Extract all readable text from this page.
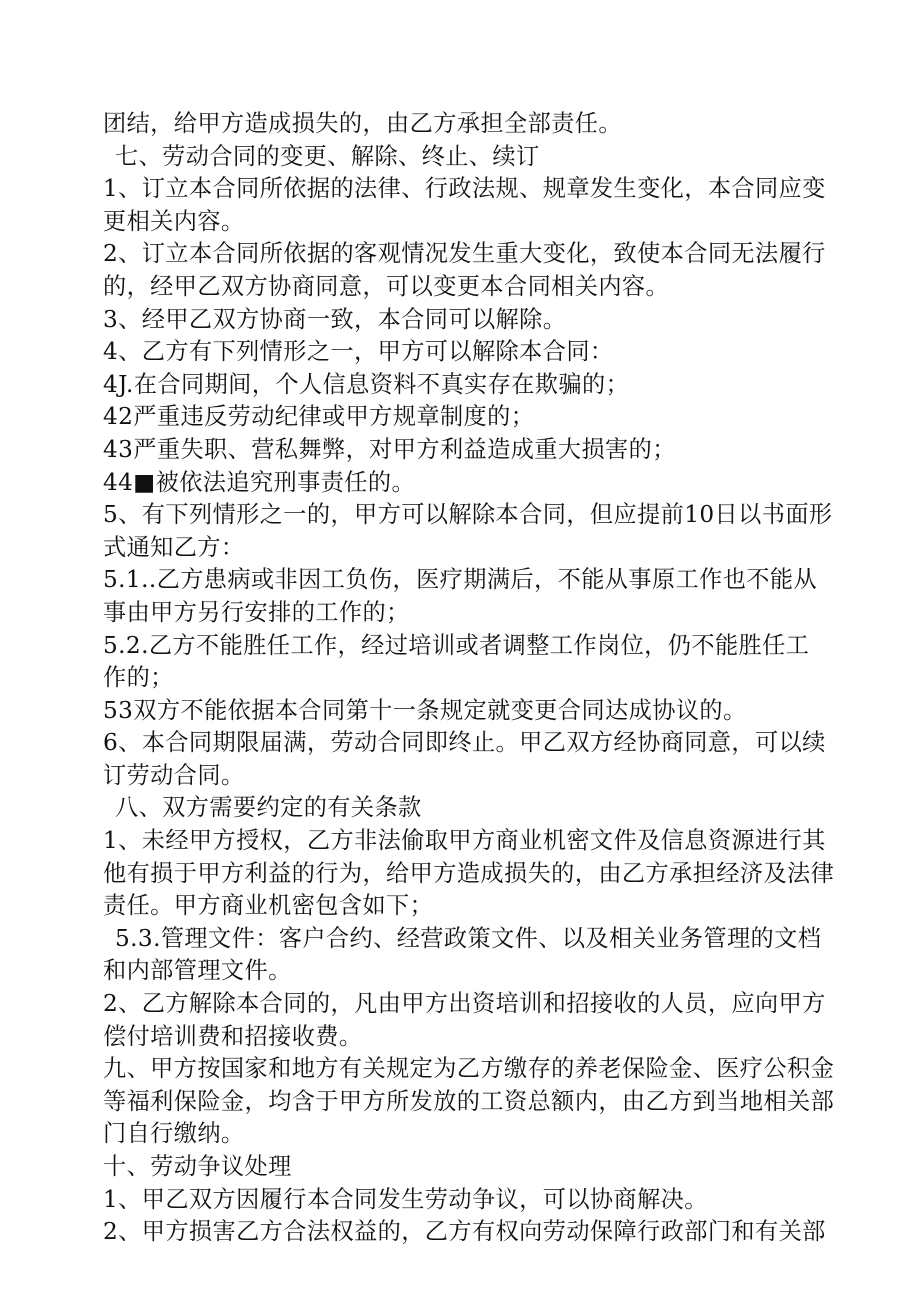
团结，给甲方造成损失的，由乙方承担全部责任。
七、劳动合同的变更、解除、终止、续订
1、订立本合同所依据的法律、行政法规、规章发生变化，本合同应变
更相关内容。
2、订立本合同所依据的客观情况发生重大变化，致使本合同无法履行
的，经甲乙双方协商同意，可以变更本合同相关内容。
3、经甲乙双方协商一致，本合同可以解除。
4、乙方有下列情形之一，甲方可以解除本合同：
4J.在合同期间，个人信息资料不真实存在欺骗的；
42严重违反劳动纪律或甲方规章制度的；
43严重失职、营私舞弊，对甲方利益造成重大损害的；
44■被依法追究刑事责任的。
5、有下列情形之一的，甲方可以解除本合同，但应提前10日以书面形
式通知乙方：
5.1..乙方患病或非因工负伤，医疗期满后，不能从事原工作也不能从
事由甲方另行安排的工作的；
5.2.乙方不能胜任工作，经过培训或者调整工作岗位，仍不能胜任工
作的；
53双方不能依据本合同第十一条规定就变更合同达成协议的。
6、本合同期限届满，劳动合同即终止。甲乙双方经协商同意，可以续
订劳动合同。
八、双方需要约定的有关条款
1、未经甲方授权，乙方非法偷取甲方商业机密文件及信息资源进行其
他有损于甲方利益的行为，给甲方造成损失的，由乙方承担经济及法律
责任。甲方商业机密包含如下；
5.3.管理文件：客户合约、经营政策文件、以及相关业务管理的文档
和内部管理文件。
2、乙方解除本合同的，凡由甲方出资培训和招接收的人员，应向甲方
偿付培训费和招接收费。
九、甲方按国家和地方有关规定为乙方缴存的养老保险金、医疗公积金
等福利保险金，均含于甲方所发放的工资总额内，由乙方到当地相关部
门自行缴纳。
十、劳动争议处理
1、甲乙双方因履行本合同发生劳动争议，可以协商解决。
2、甲方损害乙方合法权益的，乙方有权向劳动保障行政部门和有关部
